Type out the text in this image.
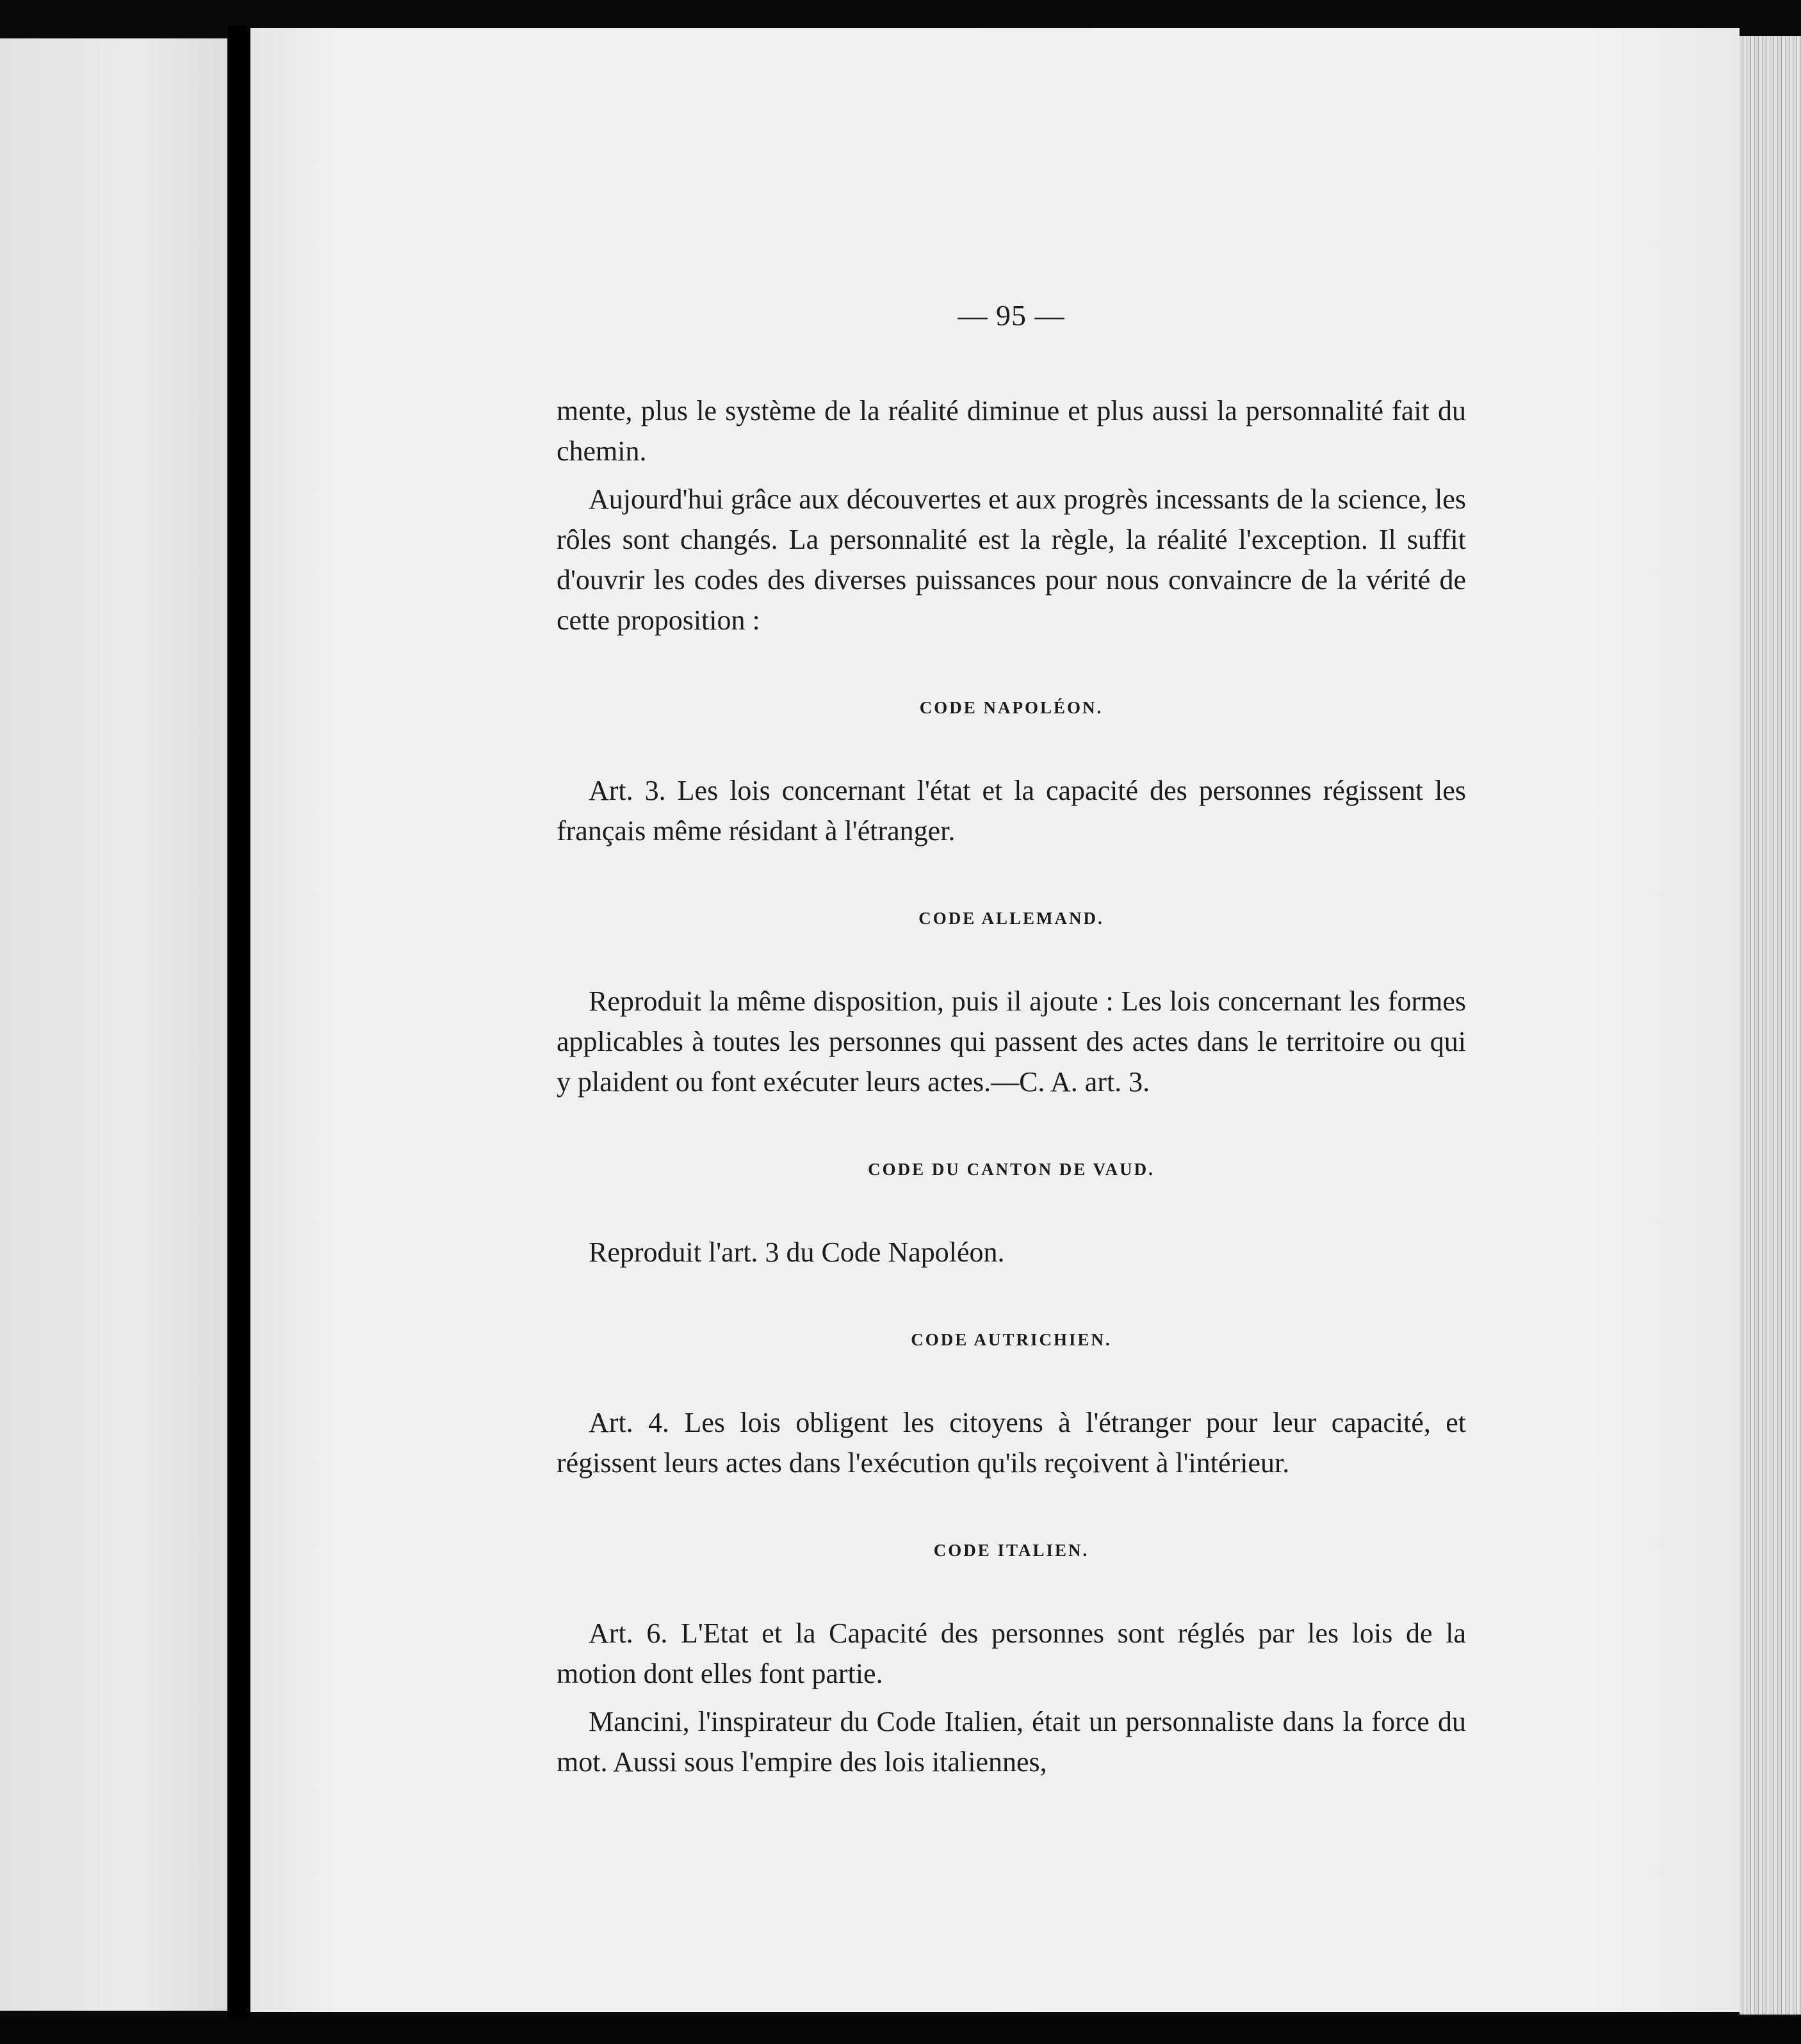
— 95 —

mente, plus le système de la réalité diminue et plus aussi la personnalité fait du chemin.

Aujourd'hui grâce aux découvertes et aux progrès incessants de la science, les rôles sont changés. La personnalité est la règle, la réalité l'exception. Il suffit d'ouvrir les codes des diverses puissances pour nous convaincre de la vérité de cette proposition :

CODE NAPOLÉON.

Art. 3. Les lois concernant l'état et la capacité des personnes régissent les français même résidant à l'étranger.

CODE ALLEMAND.

Reproduit la même disposition, puis il ajoute : Les lois concernant les formes applicables à toutes les personnes qui passent des actes dans le territoire ou qui y plaident ou font exécuter leurs actes.—C. A. art. 3.

CODE DU CANTON DE VAUD.

Reproduit l'art. 3 du Code Napoléon.

CODE AUTRICHIEN.

Art. 4. Les lois obligent les citoyens à l'étranger pour leur capacité, et régissent leurs actes dans l'exécution qu'ils reçoivent à l'intérieur.

CODE ITALIEN.

Art. 6. L'Etat et la Capacité des personnes sont réglés par les lois de la motion dont elles font partie.

Mancini, l'inspirateur du Code Italien, était un personnaliste dans la force du mot. Aussi sous l'empire des lois italiennes,
